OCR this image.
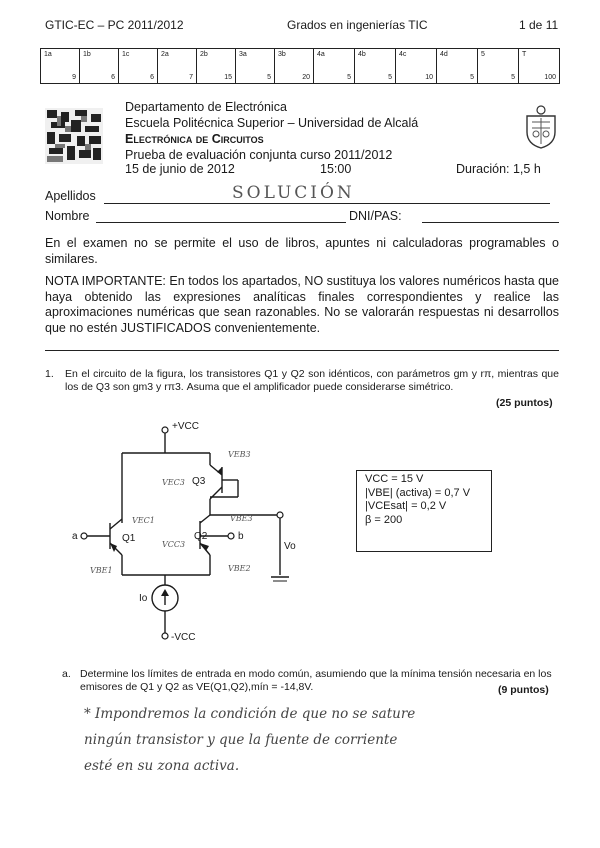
GTIC-EC – PC 2011/2012	Grados en ingenierías TIC	1 de 11
1a
9

1b
6

1c
6

2a
7

2b
15

3a
5

3b
20

4a
5

4b
5

4c
10

4d
5

5
5

T
100
Departamento de Electrónica
Escuela Politécnica Superior – Universidad de Alcalá
Electrónica de Circuitos
Prueba de evaluación conjunta curso 2011/2012
15 de junio de 2012	15:00	Duración: 1,5 h
Apellidos	SOLUCIÓN
Nombre	DNI/PAS:
En el examen no se permite el uso de libros, apuntes ni calculadoras programables o similares.
NOTA IMPORTANTE: En todos los apartados, NO sustituya los valores numéricos hasta que haya obtenido las expresiones analíticas finales correspondientes y realice las aproximaciones numéricas que sean razonables. No se valorarán respuestas ni desarrollos que no estén JUSTIFICADOS convenientemente.
1. En el circuito de la figura, los transistores Q1 y Q2 son idénticos, con parámetros gm y rπ, mientras que los de Q3 son gm3 y rπ3. Asuma que el amplificador puede considerarse simétrico.
(25 puntos)
+VCC
-VCC
Q1
Q3
Q2
a	b
Vo
Io
VEB3
VEC3
VEC1
VCC3
VBE1	VBE2
VBE3
VCC = 15 V
|VBE| (activa) = 0,7 V
|VCEsat| = 0,2 V
β = 200
a. Determine los límites de entrada en modo común, asumiendo que la mínima tensión necesaria en los emisores de Q1 y Q2 as VE(Q1,Q2),mín = -14,8V.	(9 puntos)
* Impondremos la condición de que no se sature
ningún transistor y que la fuente de corriente
esté en su zona activa.
